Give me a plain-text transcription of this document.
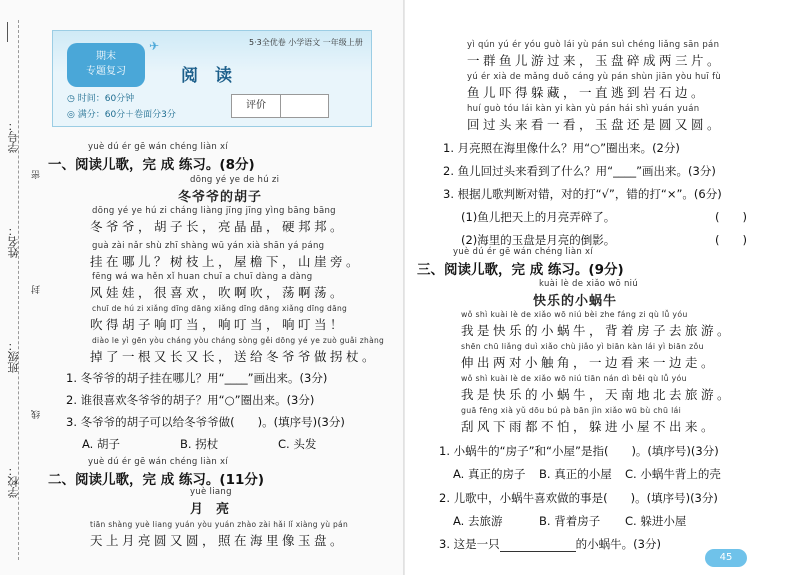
学号：
密
姓名：
封
班级：
线
学校：
期末
专题复习
✈	5·3全优卷 小学语文 一年级上册
阅　读
◷ 时间：60分钟
◎ 满分：60分＋卷面分3分
评价
yuè dú ér gē wán chéng liàn xí
一、阅读儿歌，完 成 练习。(8分)
dōng yé ye de hú zi
冬爷爷的胡子
dōng yé ye hú zi cháng liàng jīng jīng yìng bāng bāng
冬爷爷，胡子长，亮晶晶，硬邦邦。
guà zài nǎr shù zhī shàng wū yán xià shān yá páng
挂在哪儿？树枝上，屋檐下，山崖旁。
fēng wá wa hěn xǐ huan chuī a chuī dàng a dàng
风娃娃，很喜欢，吹啊吹，荡啊荡。
chuī de hú zi xiǎng dīng dāng xiǎng dīng dāng xiǎng dīng dāng
吹得胡子响叮当，响叮当，响叮当！
diào le yì gēn yòu cháng yòu cháng sòng gěi dōng yé ye zuò guǎi zhàng
掉了一根又长又长，送给冬爷爷做拐杖。
1. 冬爷爷的胡子挂在哪儿？用“____”画出来。(3分)
2. 谁很喜欢冬爷爷的胡子？用“○”圈出来。(3分)
3. 冬爷爷的胡子可以给冬爷爷做(　　)。(填序号)(3分)
A. 胡子	B. 拐杖	C. 头发
yuè dú ér gē wán chéng liàn xí
二、阅读儿歌，完 成 练习。(11分)
yuè liang
月　亮
tiān shàng yuè liang yuán yòu yuán zhào zài hǎi lǐ xiàng yù pán
天上月亮圆又圆，照在海里像玉盘。
yì qún yú ér yóu guò lái yù pán suì chéng liǎng sān pán
一群鱼儿游过来，玉盘碎成两三片。
yú ér xià de mǎng duǒ cáng yù pán shùn jiān yòu huī fù
鱼儿吓得躲藏，一直逃到岩石边。
huí guò tóu lái kàn yi kàn yù pán hái shì yuán yuán
回过头来看一看，玉盘还是圆又圆。
1. 月亮照在海里像什么？用“○”圈出来。(2分)
2. 鱼儿回过头来看到了什么？用“____”画出来。(3分)
3. 根据儿歌判断对错，对的打“√”，错的打“×”。(6分)
(1)鱼儿把天上的月亮弄碎了。	(　　)
(2)海里的玉盘是月亮的倒影。	(　　)
yuè dú ér gē wán chéng liàn xí
三、阅读儿歌，完 成 练习。(9分)
kuài lè de xiǎo wō niú
快乐的小蜗牛
wǒ shì kuài lè de xiǎo wō niú bèi zhe fáng zi qù lǚ yóu
我是快乐的小蜗牛，背着房子去旅游。
shēn chū liǎng duì xiǎo chù jiǎo yì biān kàn lái yì biān zǒu
伸出两对小触角，一边看来一边走。
wǒ shì kuài lè de xiǎo wō niú tiān nán dì běi qù lǚ yóu
我是快乐的小蜗牛，天南地北去旅游。
guā fēng xià yǔ dōu bú pà bān jìn xiǎo wū bù chū lái
刮风下雨都不怕，躲进小屋不出来。
1. 小蜗牛的“房子”和“小屋”是指(　　)。(填序号)(3分)
A. 真正的房子 B. 真正的小屋 C. 小蜗牛背上的壳
2. 儿歌中，小蜗牛喜欢做的事是(　　)。(填序号)(3分)
A. 去旅游	B. 背着房子 C. 躲进小屋
3. 这是一只	的小蜗牛。(3分)
45
